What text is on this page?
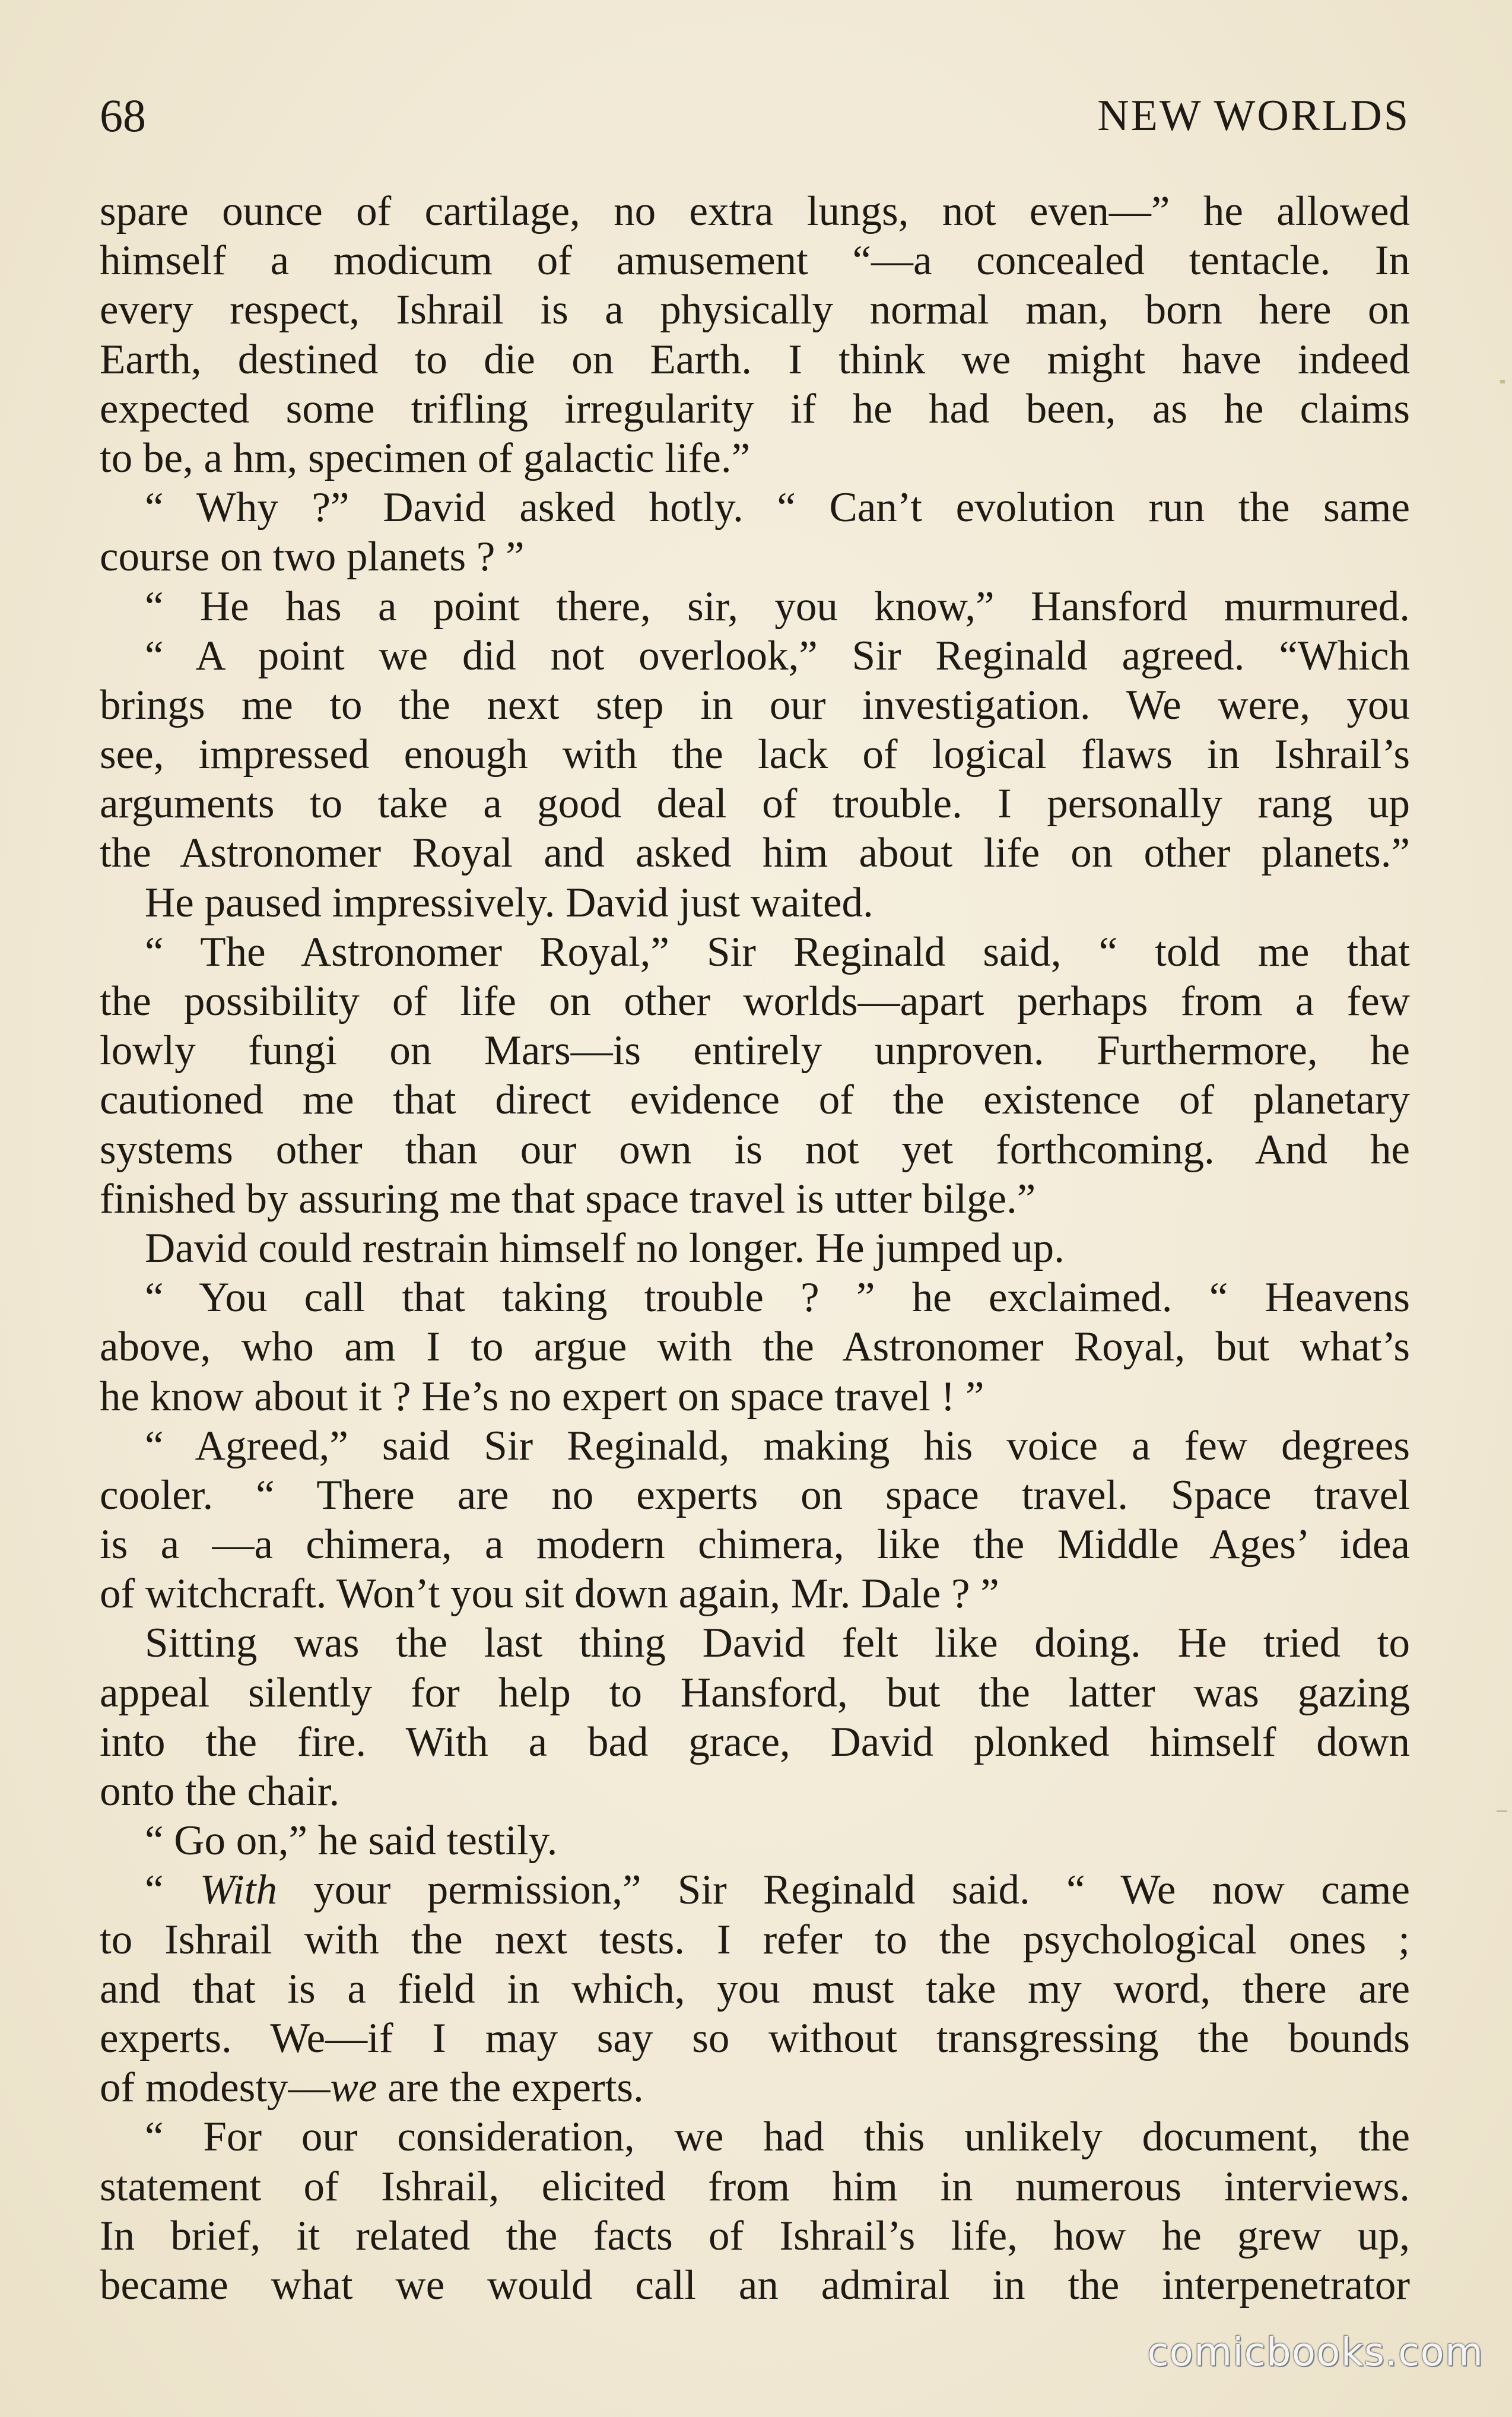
68	NEW WORLDS
spare ounce of cartilage, no extra lungs, not even—” he allowed
himself a modicum of amusement “—a concealed tentacle. In
every respect, Ishrail is a physically normal man, born here on
Earth, destined to die on Earth. I think we might have indeed
expected some trifling irregularity if he had been, as he claims
to be, a hm, specimen of galactic life.”
“ Why ?” David asked hotly. “ Can’t evolution run the same
course on two planets ? ”
“ He has a point there, sir, you know,” Hansford murmured.
“ A point we did not overlook,” Sir Reginald agreed. “Which
brings me to the next step in our investigation. We were, you
see, impressed enough with the lack of logical flaws in Ishrail’s
arguments to take a good deal of trouble. I personally rang up
the Astronomer Royal and asked him about life on other planets.”
He paused impressively. David just waited.
“ The Astronomer Royal,” Sir Reginald said, “ told me that
the possibility of life on other worlds—apart perhaps from a few
lowly fungi on Mars—is entirely unproven. Furthermore, he
cautioned me that direct evidence of the existence of planetary
systems other than our own is not yet forthcoming. And he
finished by assuring me that space travel is utter bilge.”
David could restrain himself no longer. He jumped up.
“ You call that taking trouble ? ” he exclaimed. “ Heavens
above, who am I to argue with the Astronomer Royal, but what’s
he know about it ? He’s no expert on space travel ! ”
“ Agreed,” said Sir Reginald, making his voice a few degrees
cooler. “ There are no experts on space travel. Space travel
is a —a chimera, a modern chimera, like the Middle Ages’ idea
of witchcraft. Won’t you sit down again, Mr. Dale ? ”
Sitting was the last thing David felt like doing. He tried to
appeal silently for help to Hansford, but the latter was gazing
into the fire. With a bad grace, David plonked himself down
onto the chair.
“ Go on,” he said testily.
“ With your permission,” Sir Reginald said. “ We now came
to Ishrail with the next tests. I refer to the psychological ones ;
and that is a field in which, you must take my word, there are
experts. We—if I may say so without transgressing the bounds
of modesty—we are the experts.
“ For our consideration, we had this unlikely document, the
statement of Ishrail, elicited from him in numerous interviews.
In brief, it related the facts of Ishrail’s life, how he grew up,
became what we would call an admiral in the interpenetrator
comicbooks.com
